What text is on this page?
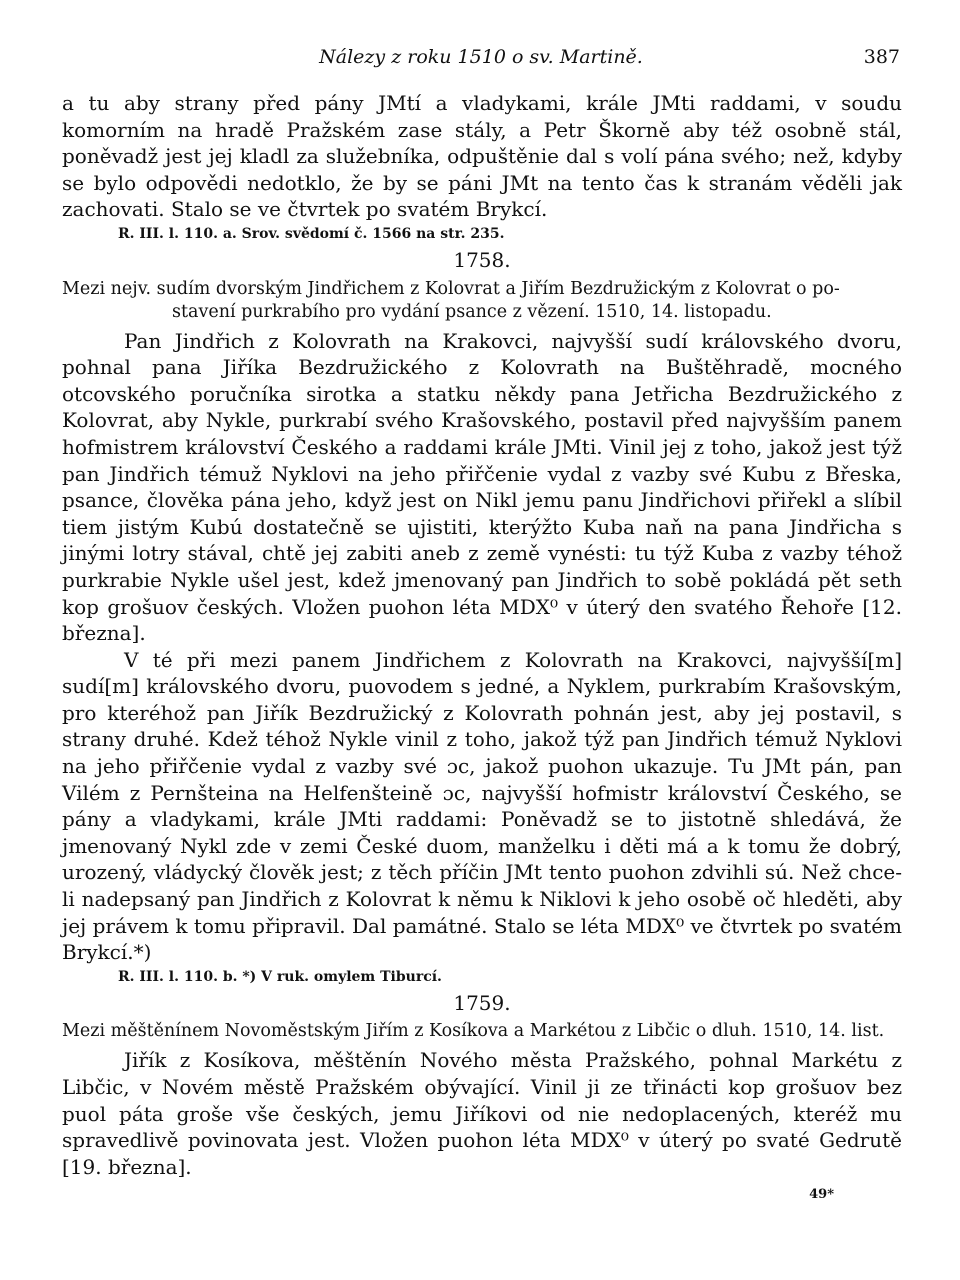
Nálezy z roku 1510 o sv. Martině.	387

a tu aby strany před pány JMtí a vladykami, krále JMti raddami, v soudu komorním na hradě Pražském zase stály, a Petr Škorně aby též osobně stál, poněvadž jest jej kladl za služebníka, odpuštěnie dal s volí pána svého; než, kdyby se bylo odpovědi nedotklo, že by se páni JMt na tento čas k stranám věděli jak zachovati. Stalo se ve čtvrtek po svatém Brykcí.

R. III. l. 110. a. Srov. svědomí č. 1566 na str. 235.
1758.
Mezi nejv. sudím dvorským Jindřichem z Kolovrat a Jiřím Bezdružickým z Kolovrat o po-
stavení purkrabího pro vydání psance z vězení. 1510, 14. listopadu.

Pan Jindřich z Kolovrath na Krakovci, najvyšší sudí královského dvoru, pohnal pana Jiříka Bezdružického z Kolovrath na Buštěhradě, mocného otcovského poručníka sirotka a statku někdy pana Jetřicha Bezdružického z Kolovrat, aby Nykle, purkrabí svého Krašovského, postavil před najvyšším panem hofmistrem království Českého a raddami krále JMti. Vinil jej z toho, jakož jest týž pan Jindřich témuž Nyklovi na jeho přiřčenie vydal z vazby své Kubu z Břeska, psance, člověka pána jeho, když jest on Nikl jemu panu Jindřichovi přiřekl a slíbil tiem jistým Kubú dostatečně se ujistiti, kterýžto Kuba naň na pana Jindřicha s jinými lotry stával, chtě jej zabiti aneb z země vynésti: tu týž Kuba z vazby téhož purkrabie Nykle ušel jest, kdež jmenovaný pan Jindřich to sobě pokládá pět seth kop grošuov českých. Vložen puohon léta MDX⁰ v úterý den svatého Řehoře [12. března].

V té při mezi panem Jindřichem z Kolovrath na Krakovci, najvyšší[m] sudí[m] královského dvoru, puovodem s jedné, a Nyklem, purkrabím Krašovským, pro kteréhož pan Jiřík Bezdružický z Kolovrath pohnán jest, aby jej postavil, s strany druhé. Kdež téhož Nykle vinil z toho, jakož týž pan Jindřich témuž Nyklovi na jeho přiřčenie vydal z vazby své ɔc, jakož puohon ukazuje. Tu JMt pán, pan Vilém z Pernšteina na Helfenšteině ɔc, najvyšší hofmistr království Českého, se pány a vladykami, krále JMti raddami: Poněvadž se to jistotně shledává, že jmenovaný Nykl zde v zemi České duom, manželku i děti má a k tomu že dobrý, urozený, vládycký člověk jest; z těch příčin JMt tento puohon zdvihli sú. Než chce-li nadepsaný pan Jindřich z Kolovrat k němu k Niklovi k jeho osobě oč hleděti, aby jej právem k tomu připravil. Dal památné. Stalo se léta MDX⁰ ve čtvrtek po svatém Brykcí.*)

R. III. l. 110. b. *) V ruk. omylem Tiburcí.
1759.
Mezi měštěnínem Novoměstským Jiřím z Kosíkova a Markétou z Libčic o dluh. 1510, 14. list.

Jiřík z Kosíkova, měštěnín Nového města Pražského, pohnal Markétu z Libčic, v Novém městě Pražském obývající. Vinil ji ze třinácti kop grošuov bez puol páta groše vše českých, jemu Jiříkovi od nie nedoplacených, kteréž mu spravedlivě povinovata jest. Vložen puohon léta MDX⁰ v úterý po svaté Gedrutě [19. března].

49*
